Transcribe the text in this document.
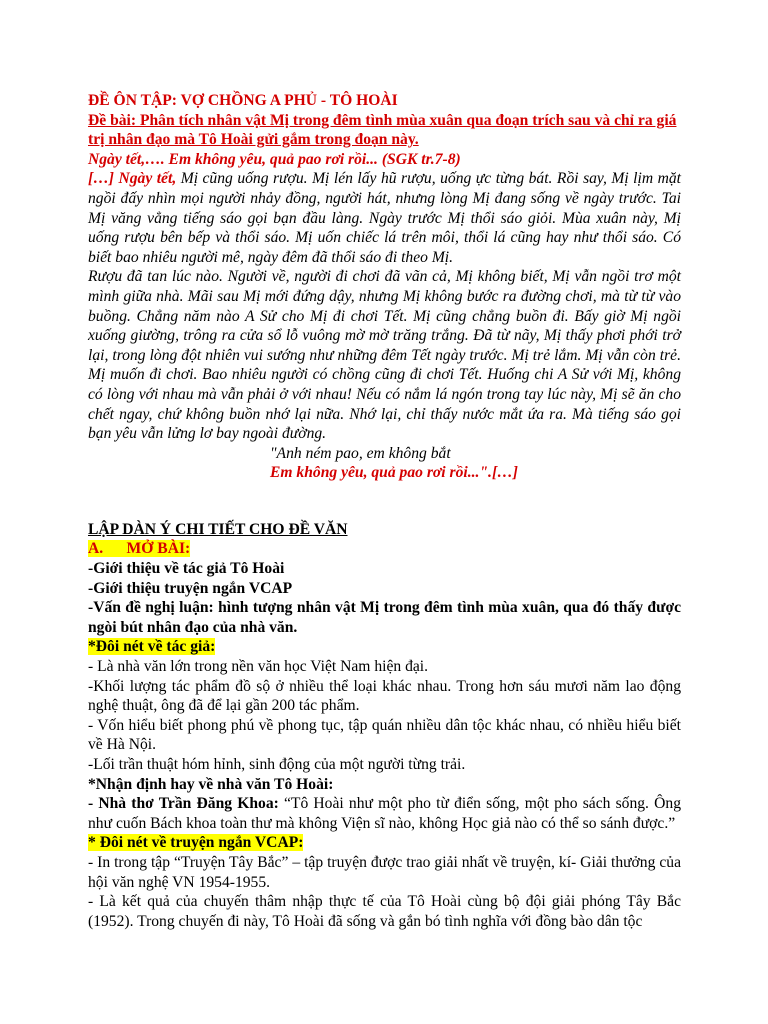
ĐỀ ÔN TẬP: VỢ CHỒNG A PHỦ - TÔ HOÀI

Đề bài: Phân tích nhân vật Mị trong đêm tình mùa xuân qua đoạn trích sau và chỉ ra giá trị nhân đạo mà Tô Hoài gửi gắm trong đoạn này.

Ngày tết,…. Em không yêu, quả pao rơi rồi... (SGK tr.7-8)

[…] Ngày tết, Mị cũng uống rượu. Mị lén lấy hũ rượu, uống ực từng bát. Rồi say, Mị lịm mặt ngồi đấy nhìn mọi người nhảy đồng, người hát, nhưng lòng Mị đang sống về ngày trước. Tai Mị văng vẳng tiếng sáo gọi bạn đầu làng. Ngày trước Mị thổi sáo giỏi. Mùa xuân này, Mị uống rượu bên bếp và thổi sáo. Mị uốn chiếc lá trên môi, thổi lá cũng hay như thổi sáo. Có biết bao nhiêu người mê, ngày đêm đã thổi sáo đi theo Mị.

Rượu đã tan lúc nào. Người về, người đi chơi đã vãn cả, Mị không biết, Mị vẫn ngồi trơ một mình giữa nhà. Mãi sau Mị mới đứng dậy, nhưng Mị không bước ra đường chơi, mà từ từ vào buồng. Chẳng năm nào A Sử cho Mị đi chơi Tết. Mị cũng chẳng buồn đi. Bấy giờ Mị ngồi xuống giường, trông ra cửa sổ lỗ vuông mờ mờ trăng trắng. Đã từ nãy, Mị thấy phơi phới trở lại, trong lòng đột nhiên vui sướng như những đêm Tết ngày trước. Mị trẻ lắm. Mị vẫn còn trẻ. Mị muốn đi chơi. Bao nhiêu người có chồng cũng đi chơi Tết. Huống chi A Sử với Mị, không có lòng với nhau mà vẫn phải ở với nhau! Nếu có nắm lá ngón trong tay lúc này, Mị sẽ ăn cho chết ngay, chứ không buồn nhớ lại nữa. Nhớ lại, chỉ thấy nước mắt ứa ra. Mà tiếng sáo gọi bạn yêu vẫn lửng lơ bay ngoài đường.

"Anh ném pao, em không bắt

Em không yêu, quả pao rơi rồi...".[…]

LẬP DÀN Ý CHI TIẾT CHO ĐỀ VĂN

A.      MỞ BÀI:

-Giới thiệu về tác giả Tô Hoài

-Giới thiệu truyện ngắn VCAP

-Vấn đề nghị luận: hình tượng nhân vật Mị trong đêm tình mùa xuân, qua đó thấy được ngòi bút nhân đạo của nhà văn.

*Đôi nét về tác giả:

- Là nhà văn lớn trong nền văn học Việt Nam hiện đại.

-Khối lượng tác phẩm đồ sộ ở nhiều thể loại khác nhau. Trong hơn sáu mươi năm lao động nghệ thuật, ông đã để lại gần 200 tác phẩm.

- Vốn hiểu biết phong phú về phong tục, tập quán nhiều dân tộc khác nhau, có nhiều hiểu biết về Hà Nội.

-Lối trần thuật hóm hỉnh, sinh động của một người từng trải.

*Nhận định hay về nhà văn Tô Hoài:

- Nhà thơ Trần Đăng Khoa: “Tô Hoài như một pho từ điển sống, một pho sách sống. Ông như cuốn Bách khoa toàn thư mà không Viện sĩ nào, không Học giả nào có thể so sánh được.”

* Đôi nét về truyện ngắn VCAP:

- In trong tập “Truyện Tây Bắc” – tập truyện được trao giải nhất về truyện, kí- Giải thưởng của hội văn nghệ VN 1954-1955.

- Là kết quả của chuyến thâm nhập thực tế của Tô Hoài cùng bộ đội giải phóng Tây Bắc (1952). Trong chuyến đi này, Tô Hoài đã sống và gắn bó tình nghĩa với đồng bào dân tộc
